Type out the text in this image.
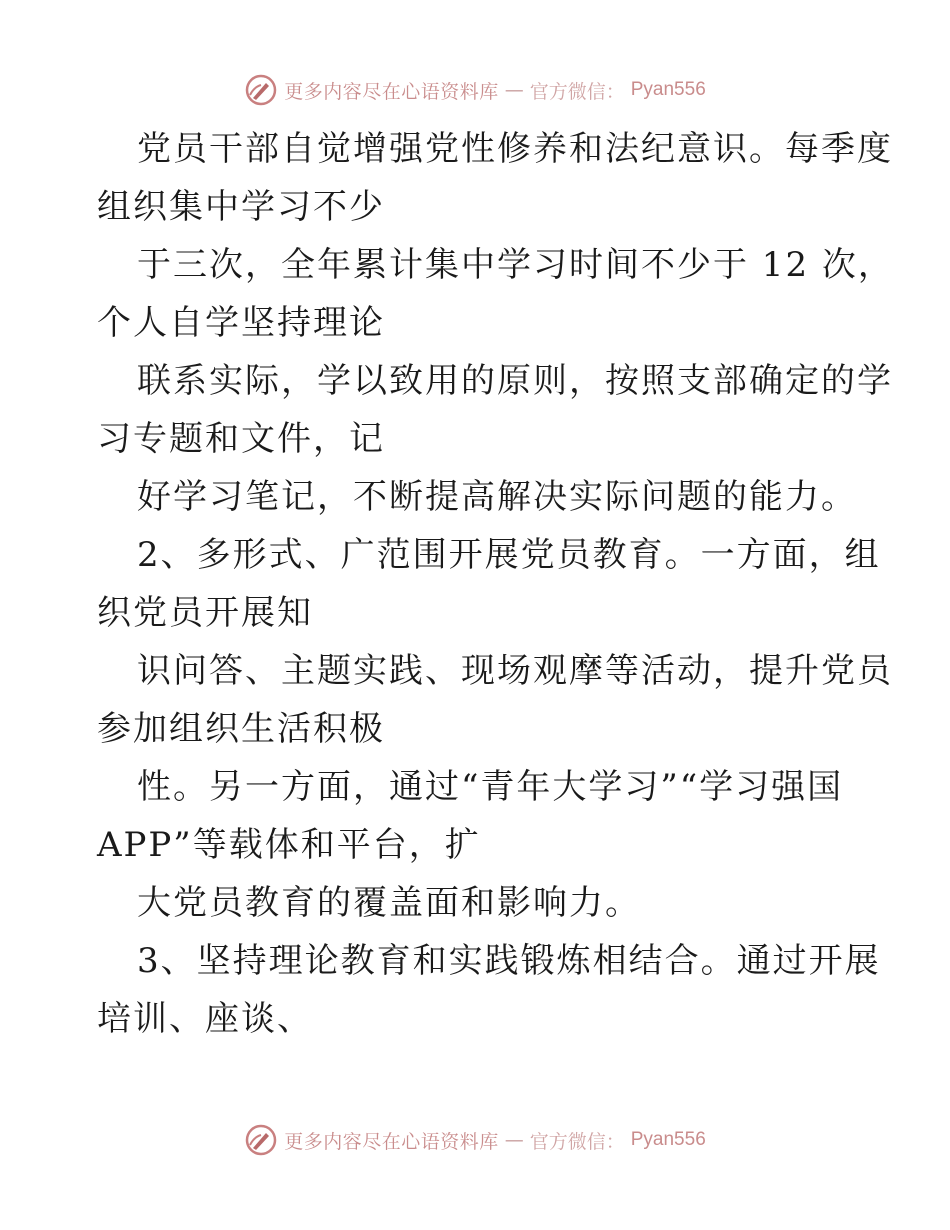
更多内容尽在心语资料库 — 官方微信： Pyan556
党员干部自觉增强党性修养和法纪意识。每季度
组织集中学习不少
于三次，全年累计集中学习时间不少于 12 次，
个人自学坚持理论
联系实际，学以致用的原则，按照支部确定的学
习专题和文件，记
好学习笔记，不断提高解决实际问题的能力。
2、多形式、广范围开展党员教育。一方面，组
织党员开展知
识问答、主题实践、现场观摩等活动，提升党员
参加组织生活积极
性。另一方面，通过“青年大学习”“学习强国
APP”等载体和平台，扩
大党员教育的覆盖面和影响力。
3、坚持理论教育和实践锻炼相结合。通过开展
培训、座谈、
更多内容尽在心语资料库 — 官方微信： Pyan556
